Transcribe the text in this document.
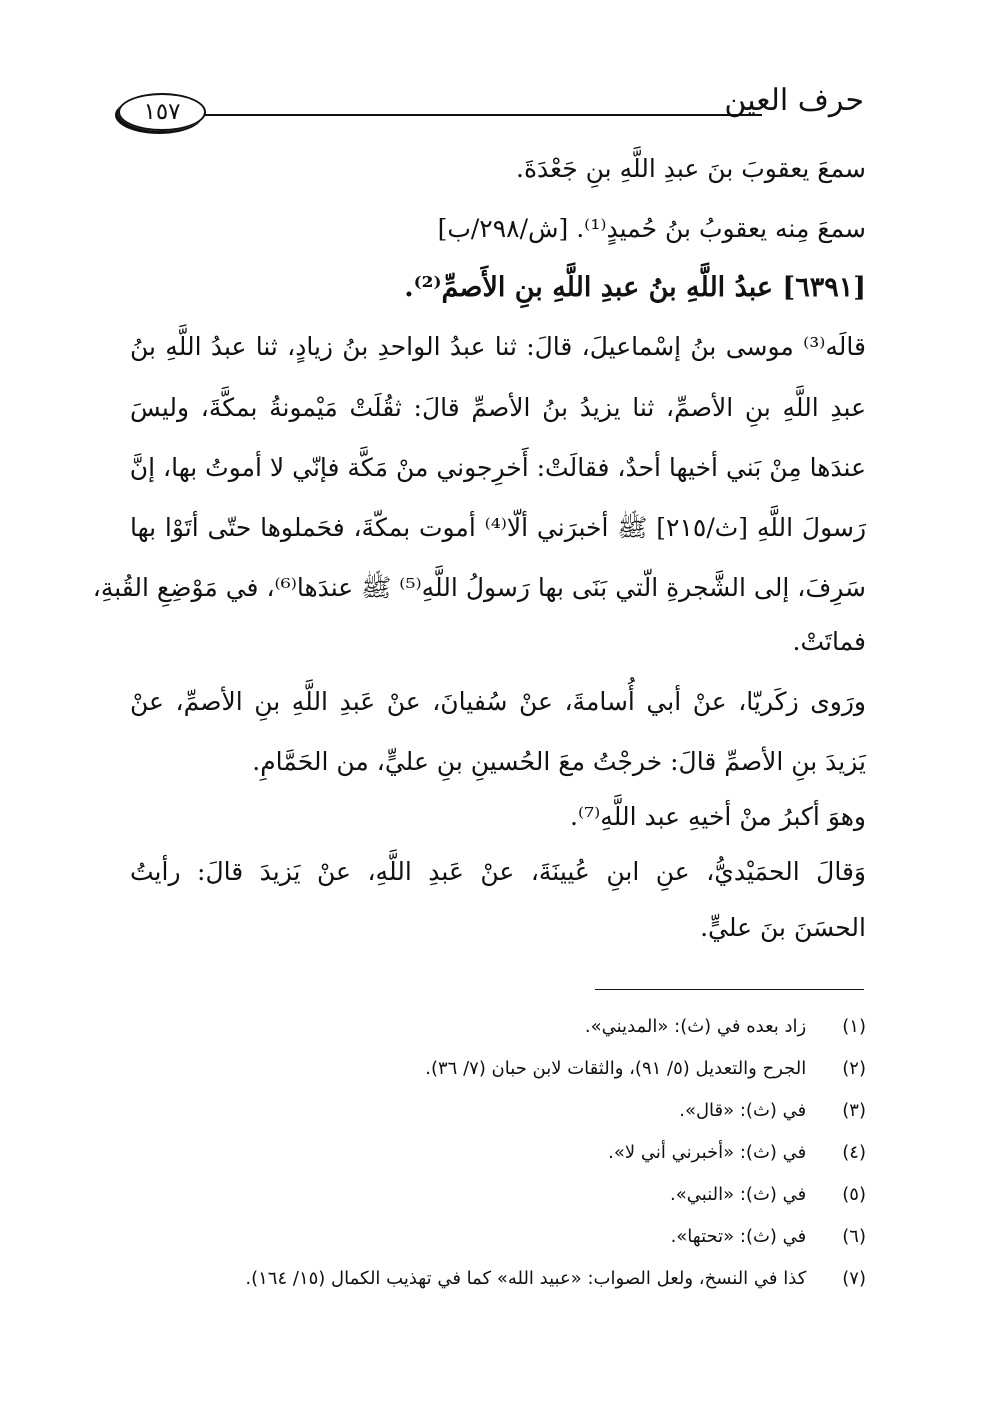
حرف العين
١٥٧
سمعَ يعقوبَ بنَ عبدِ اللَّهِ بنِ جَعْدَةَ.
سمعَ مِنه يعقوبُ بنُ حُميدٍ⁽¹⁾. [ش/٢٩٨/ب]
[٦٣٩١] عبدُ اللَّهِ بنُ عبدِ اللَّهِ بنِ الأَصمِّ⁽²⁾.
قالَه⁽³⁾ موسى بنُ إسْماعيلَ، قالَ: ثنا عبدُ الواحدِ بنُ زيادٍ، ثنا عبدُ اللَّهِ بنُ
عبدِ اللَّهِ بنِ الأصمِّ، ثنا يزيدُ بنُ الأصمِّ قالَ: ثقُلَتْ مَيْمونةُ بمكَّةَ، وليسَ
عندَها مِنْ بَني أخيها أحدٌ، فقالَتْ: أَخرِجوني منْ مَكَّة فإنّي لا أموتُ بها، إنَّ
رَسولَ اللَّهِ [ث/٢١٥] ﷺ أخبرَني ألّا⁽⁴⁾ أموت بمكّةَ، فحَملوها حتّى أتَوْا بها
سَرِفَ، إلى الشَّجرةِ الّتي بَنَى بها رَسولُ اللَّهِ⁽⁵⁾ ﷺ عندَها⁽⁶⁾، في مَوْضِعِ القُبةِ،
فماتَتْ.
ورَوى زكَريّا، عنْ أبي أُسامةَ، عنْ سُفيانَ، عنْ عَبدِ اللَّهِ بنِ الأصمِّ، عنْ
يَزيدَ بنِ الأصمِّ قالَ: خرجْتُ معَ الحُسينِ بنِ عليٍّ، من الحَمَّامِ.
وهوَ أكبرُ منْ أخيهِ عبد اللَّهِ⁽⁷⁾.
وَقالَ الحمَيْديُّ، عنِ ابنِ عُيينَةَ، عنْ عَبدِ اللَّهِ، عنْ يَزيدَ قالَ: رأيتُ
الحسَنَ بنَ عليٍّ.
(١) زاد بعده في (ث): «المديني».
(٢) الجرح والتعديل (٥/ ٩١)، والثقات لابن حبان (٧/ ٣٦).
(٣) في (ث): «قال».
(٤) في (ث): «أخبرني أني لا».
(٥) في (ث): «النبي».
(٦) في (ث): «تحتها».
(٧) كذا في النسخ، ولعل الصواب: «عبيد الله» كما في تهذيب الكمال (١٥/ ١٦٤).
